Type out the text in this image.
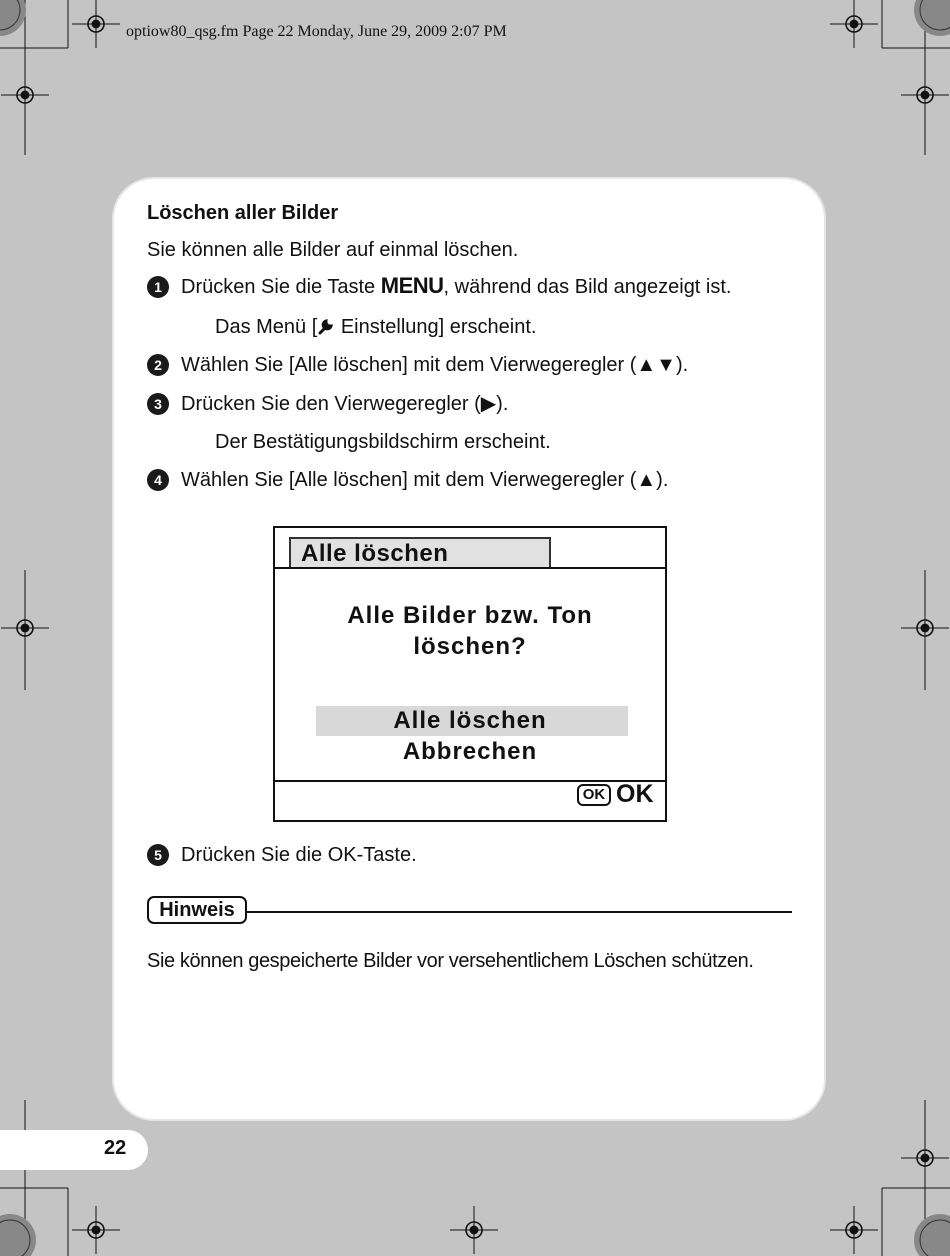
optiow80_qsg.fm Page 22 Monday, June 29, 2009 2:07 PM
Löschen aller Bilder
Sie können alle Bilder auf einmal löschen.
1 Drücken Sie die Taste MENU, während das Bild angezeigt ist.
Das Menü [ Einstellung] erscheint.
2 Wählen Sie [Alle löschen] mit dem Vierwegeregler (▲▼).
3 Drücken Sie den Vierwegeregler (▶).
Der Bestätigungsbildschirm erscheint.
4 Wählen Sie [Alle löschen] mit dem Vierwegeregler (▲).
Alle löschen
Alle Bilder bzw. Ton
löschen?
Alle löschen
Abbrechen
OK OK
5 Drücken Sie die OK-Taste.
Hinweis
Sie können gespeicherte Bilder vor versehentlichem Löschen schützen.
22
